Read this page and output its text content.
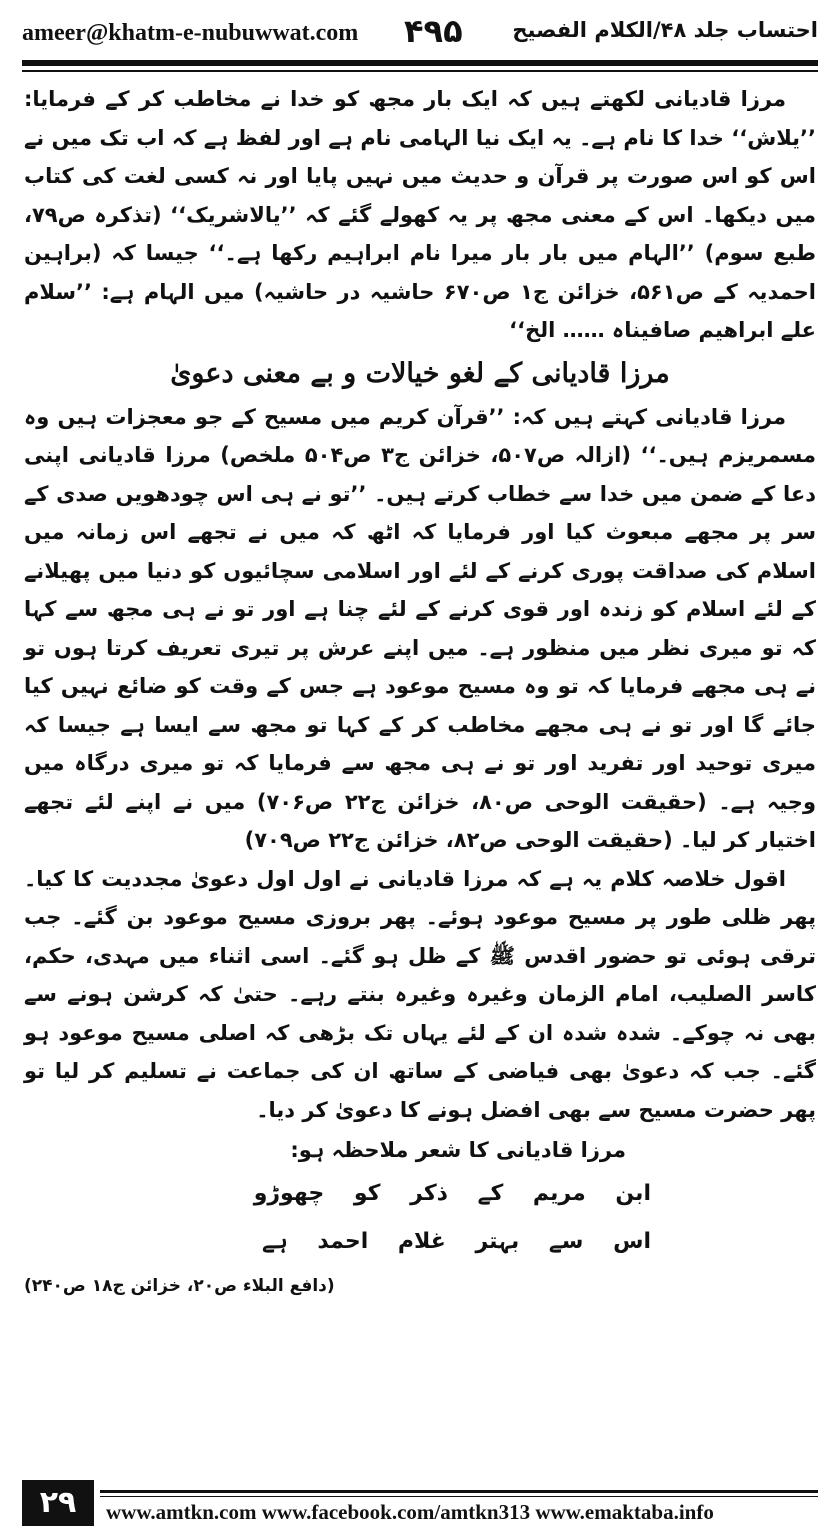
ameer@khatm-e-nubuwwat.com ۴۹۵ احتساب جلد ۴۸/الکلام الفصیح

مرزا قادیانی لکھتے ہیں کہ ایک بار مجھ کو خدا نے مخاطب کر کے فرمایا: ’’یلاش‘‘ خدا کا نام ہے۔ یہ ایک نیا الہامی نام ہے اور لفظ ہے کہ اب تک میں نے اس کو اس صورت پر قرآن و حدیث میں نہیں پایا اور نہ کسی لغت کی کتاب میں دیکھا۔ اس کے معنی مجھ پر یہ کھولے گئے کہ ’’یالاشریک‘‘ (تذکرہ ص۷۹، طبع سوم) ’’الہام میں بار بار میرا نام ابراہیم رکھا ہے۔‘‘ جیسا کہ (براہین احمدیہ کے ص۵۶۱، خزائن ج۱ ص۶۷۰ حاشیہ در حاشیہ) میں الہام ہے: ’’سلام علے ابراھیم صافیناہ …… الخ‘‘

مرزا قادیانی کے لغو خیالات و بے معنی دعویٰ

مرزا قادیانی کہتے ہیں کہ: ’’قرآن کریم میں مسیح کے جو معجزات ہیں وہ مسمریزم ہیں۔‘‘ (ازالہ ص۵۰۷، خزائن ج۳ ص۵۰۴ ملخص) مرزا قادیانی اپنی دعا کے ضمن میں خدا سے خطاب کرتے ہیں۔ ’’تو نے ہی اس چودھویں صدی کے سر پر مجھے مبعوث کیا اور فرمایا کہ اٹھ کہ میں نے تجھے اس زمانہ میں اسلام کی صداقت پوری کرنے کے لئے اور اسلامی سچائیوں کو دنیا میں پھیلانے کے لئے اسلام کو زندہ اور قوی کرنے کے لئے چنا ہے اور تو نے ہی مجھ سے کہا کہ تو میری نظر میں منظور ہے۔ میں اپنے عرش پر تیری تعریف کرتا ہوں تو نے ہی مجھے فرمایا کہ تو وہ مسیح موعود ہے جس کے وقت کو ضائع نہیں کیا جائے گا اور تو نے ہی مجھے مخاطب کر کے کہا تو مجھ سے ایسا ہے جیسا کہ میری توحید اور تفرید اور تو نے ہی مجھ سے فرمایا کہ تو میری درگاہ میں وجیہ ہے۔ (حقیقت الوحی ص۸۰، خزائن ج۲۲ ص۷۰۶) میں نے اپنے لئے تجھے اختیار کر لیا۔ (حقیقت الوحی ص۸۲، خزائن ج۲۲ ص۷۰۹)

اقول خلاصہ کلام یہ ہے کہ مرزا قادیانی نے اول اول دعویٰ مجددیت کا کیا۔ پھر ظلی طور پر مسیح موعود ہوئے۔ پھر بروزی مسیح موعود بن گئے۔ جب ترقی ہوئی تو حضور اقدس ﷺ کے ظل ہو گئے۔ اسی اثناء میں مہدی، حکم، کاسر الصلیب، امام الزمان وغیرہ وغیرہ بنتے رہے۔ حتیٰ کہ کرشن ہونے سے بھی نہ چوکے۔ شدہ شدہ ان کے لئے یہاں تک بڑھی کہ اصلی مسیح موعود ہو گئے۔ جب کہ دعویٰ بھی فیاضی کے ساتھ ان کی جماعت نے تسلیم کر لیا تو پھر حضرت مسیح سے بھی افضل ہونے کا دعویٰ کر دیا۔

مرزا قادیانی کا شعر ملاحظہ ہو:
ابن مریم کے ذکر کو چھوڑو
اس سے بہتر غلام احمد ہے
(دافع البلاء ص۲۰، خزائن ج۱۸ ص۲۴۰)
۲۹	www.amtkn.com www.facebook.com/amtkn313 www.emaktaba.info
